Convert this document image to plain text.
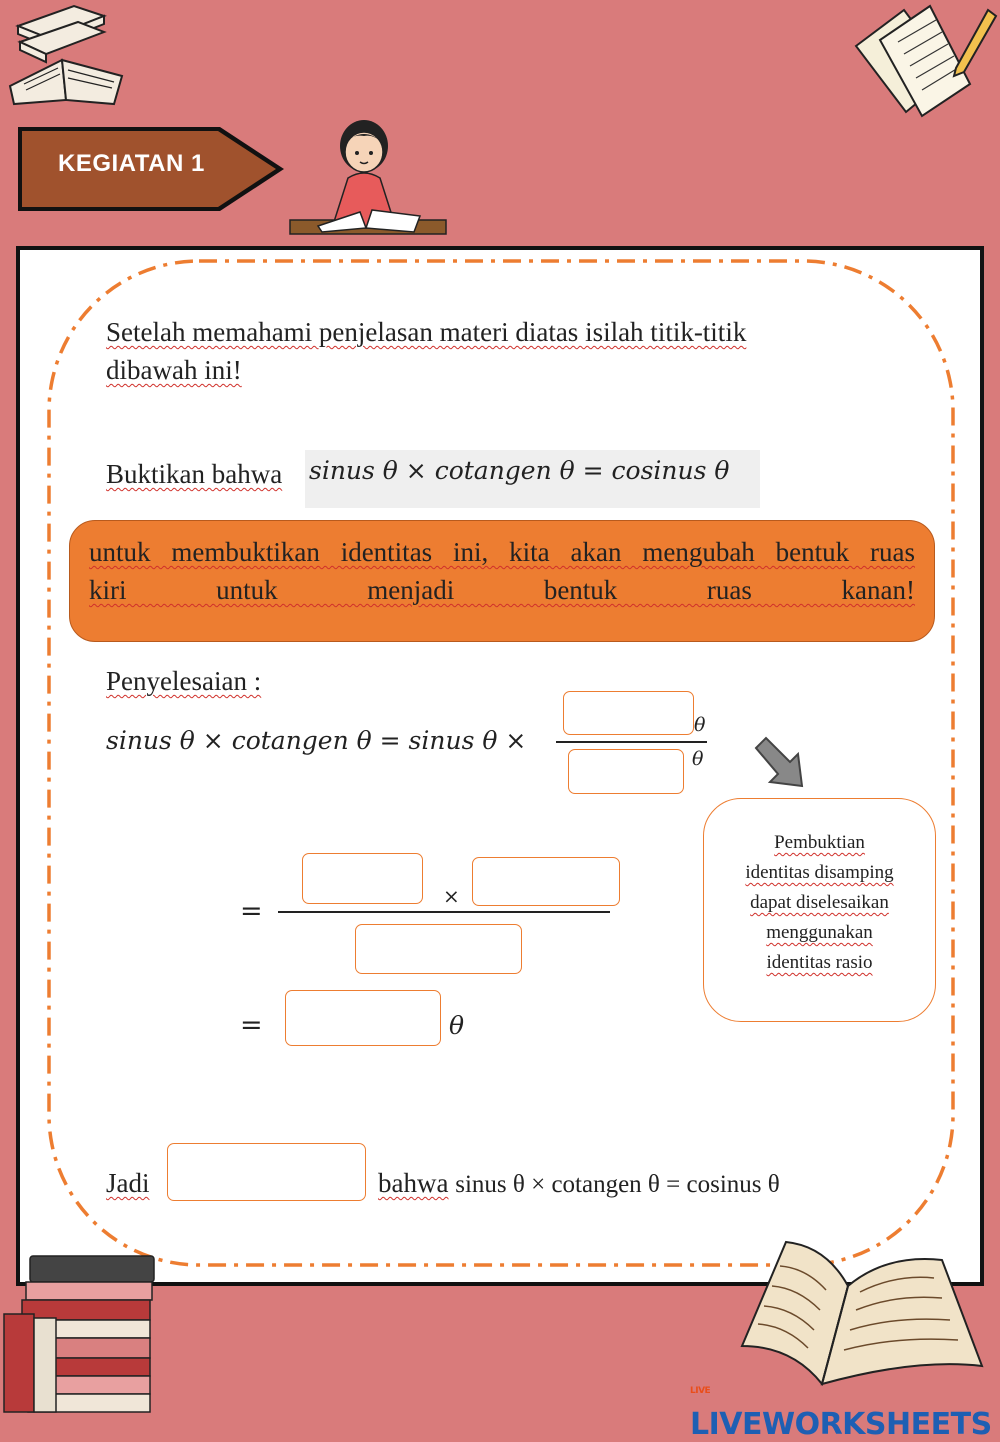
KEGIATAN 1
Setelah memahami penjelasan materi diatas isilah titik-titik
dibawah ini!
Buktikan bahwa sinus θ × cotangen θ = cosinus θ
untuk membuktikan identitas ini, kita akan mengubah bentuk ruas
kiri untuk menjadi bentuk ruas kanan!
Penyelesaian :
sinus θ × cotangen θ = sinus θ ×
θ
θ
Pembuktian
identitas disamping
dapat diselesaikan
menggunakan
identitas rasio
=	×
=	θ
Jadi	bahwa sinus θ × cotangen θ = cosinus θ
LIVELIVEWORKSHEETS
